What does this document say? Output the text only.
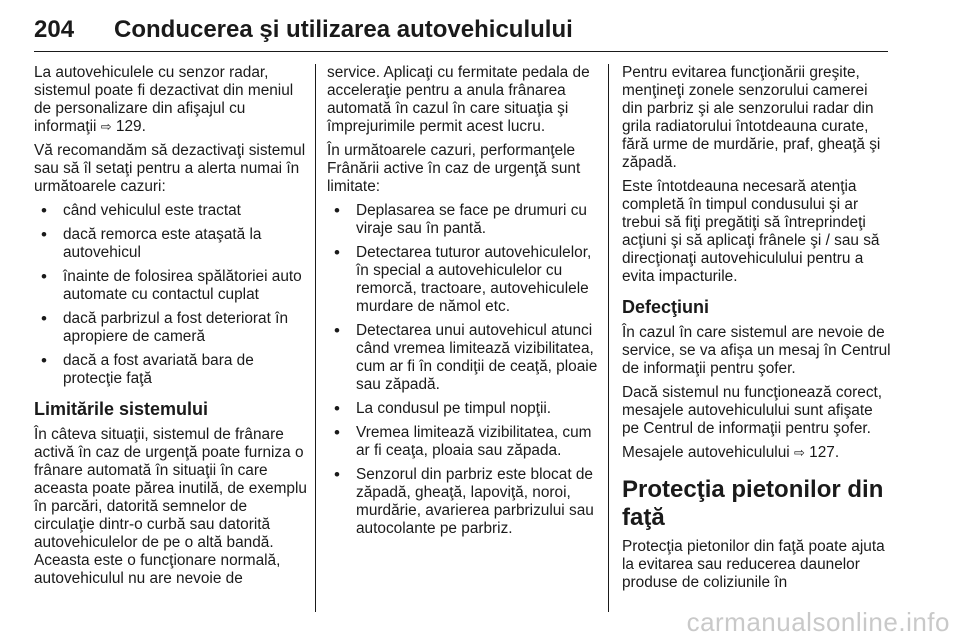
204 Conducerea şi utilizarea autovehiculului

La autovehiculele cu senzor radar, sistemul poate fi dezactivat din meniul de personalizare din afişajul cu informaţii ⇨ 129.

Vă recomandăm să dezactivaţi sistemul sau să îl setaţi pentru a alerta numai în următoarele cazuri:

• când vehiculul este tractat
• dacă remorca este ataşată la autovehicul
• înainte de folosirea spălătoriei auto automate cu contactul cuplat
• dacă parbrizul a fost deteriorat în apropiere de cameră
• dacă a fost avariată bara de protecţie faţă
Limitările sistemului

În câteva situaţii, sistemul de frânare activă în caz de urgenţă poate furniza o frânare automată în situaţii în care aceasta poate părea inutilă, de exemplu în parcări, datorită semnelor de circulaţie dintr-o curbă sau datorită autovehiculelor de pe o altă bandă. Aceasta este o funcţionare normală, autovehiculul nu are nevoie de

service. Aplicaţi cu fermitate pedala de acceleraţie pentru a anula frânarea automată în cazul în care situaţia şi împrejurimile permit acest lucru.

În următoarele cazuri, performanţele Frânării active în caz de urgenţă sunt limitate:

• Deplasarea se face pe drumuri cu viraje sau în pantă.
• Detectarea tuturor autovehiculelor, în special a autovehiculelor cu remorcă, tractoare, autovehiculele murdare de nămol etc.
• Detectarea unui autovehicul atunci când vremea limitează vizibilitatea, cum ar fi în condiţii de ceaţă, ploaie sau zăpadă.
• La condusul pe timpul nopţii.
• Vremea limitează vizibilitatea, cum ar fi ceaţa, ploaia sau zăpada.
• Senzorul din parbriz este blocat de zăpadă, gheaţă, lapoviţă, noroi, murdărie, avarierea parbrizului sau autocolante pe parbriz.

Pentru evitarea funcţionării greşite, menţineţi zonele senzorului camerei din parbriz şi ale senzorului radar din grila radiatorului întotdeauna curate, fără urme de murdărie, praf, gheaţă şi zăpadă.

Este întotdeauna necesară atenţia completă în timpul condusului şi ar trebui să fiţi pregătiţi să întreprindeţi acţiuni şi să aplicaţi frânele şi / sau să direcţionaţi autovehiculului pentru a evita impacturile.

Defecţiuni

În cazul în care sistemul are nevoie de service, se va afişa un mesaj în Centrul de informaţii pentru şofer.

Dacă sistemul nu funcţionează corect, mesajele autovehiculului sunt afişate pe Centrul de informaţii pentru şofer.

Mesajele autovehiculului ⇨ 127.

Protecţia pietonilor din faţă

Protecţia pietonilor din faţă poate ajuta la evitarea sau reducerea daunelor produse de coliziunile în

carmanualsonline.info
